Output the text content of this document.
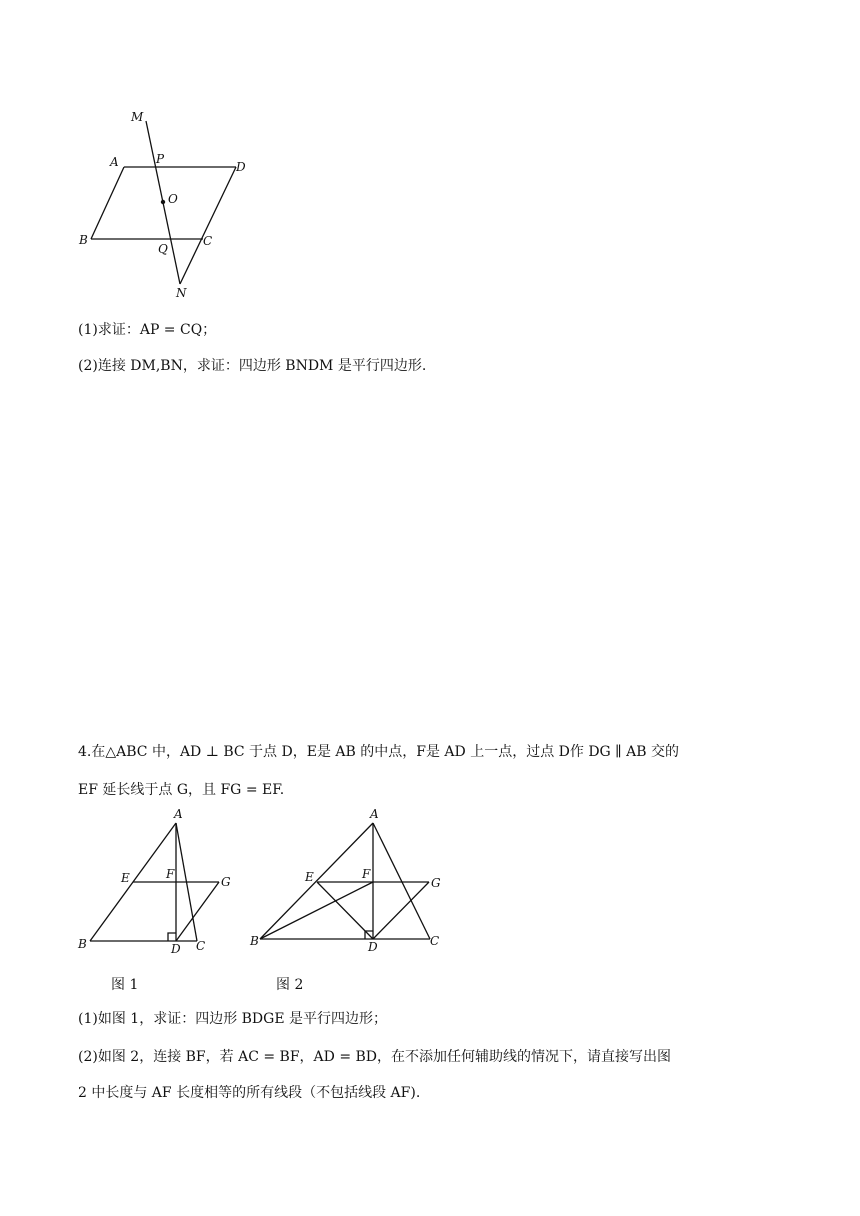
M
A	P
D
O
B
Q
C
N
(1)求证：AP = CQ；
(2)连接 DM,BN，求证：四边形 BNDM 是平行四边形.
4.在△ABC 中，AD ⊥ BC 于点 D，E是 AB 的中点，F是 AD 上一点，过点 D作 DG ∥ AB 交的
EF 延长线于点 G，且 FG = EF.
A
E	F
G
B	D C
图 1
A
E	F
G
B	D	C
图 2
(1)如图 1，求证：四边形 BDGE 是平行四边形；
(2)如图 2，连接 BF，若 AC = BF，AD = BD，在不添加任何辅助线的情况下，请直接写出图
2 中长度与 AF 长度相等的所有线段（不包括线段 AF).
